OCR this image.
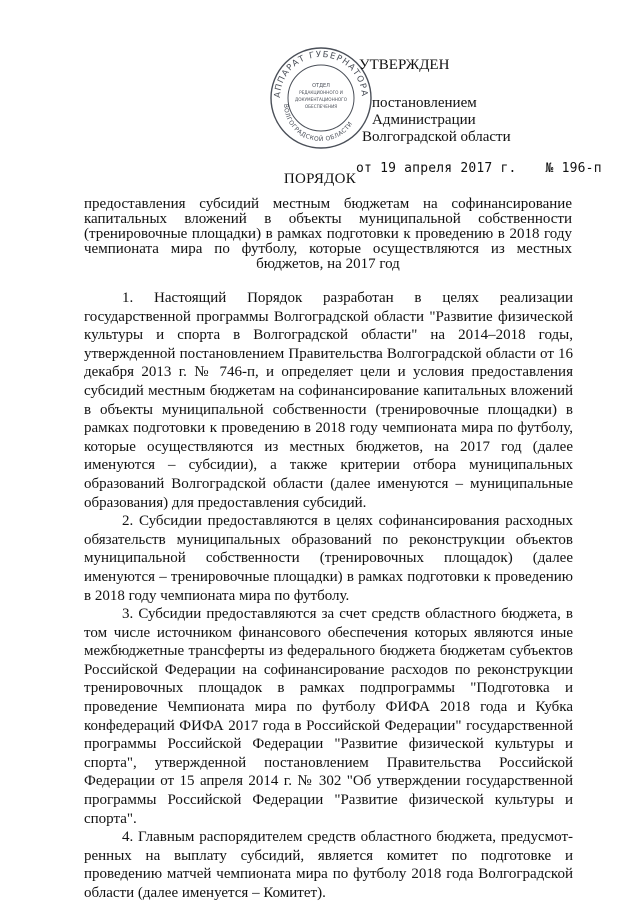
АППАРАТ ГУБЕРНАТОРА
ВОЛГОГРАДСКОЙ ОБЛАСТИ
ОТДЕЛ
РЕДАКЦИОННОГО И
ДОКУМЕНТАЦИОННОГО
ОБЕСПЕЧЕНИЯ
УТВЕРЖДЕН
постановлением
Администрации
Волгоградской области
от 19 апреля 2017 г. № 196-п
ПОРЯДОК
предоставления субсидий местным бюджетам на софинансирование капитальных вложений в объекты муниципальной собственности (тренировочные площадки) в рамках подготовки к проведению в 2018 году чемпионата мира по футболу, которые осуществляются из местных бюджетов, на 2017 год

1. Настоящий Порядок разработан в целях реализации государственной программы Волгоградской области "Развитие физической культуры и спорта в Волгоградской области" на 2014–2018 годы, утвержденной постановлением Правительства Волгоградской области от 16 декабря 2013 г. № 746-п, и определяет цели и условия предоставления субсидий местным бюджетам на софинансирование капитальных вложений в объекты муниципальной собственности (тренировочные площадки) в рамках подготовки к проведению в 2018 году чемпионата мира по футболу, которые осуществляются из местных бюджетов, на 2017 год (далее именуются – субсидии), а также критерии отбора муниципальных образований Волгоградской области (далее именуются – муниципальные образования) для предоставления субсидий.

2. Субсидии предоставляются в целях софинансирования расходных обязательств муниципальных образований по реконструкции объектов муниципальной собственности (тренировочных площадок) (далее именуются – тренировочные площадки) в рамках подготовки к проведению в 2018 году чемпионата мира по футболу.

3. Субсидии предоставляются за счет средств областного бюджета, в том числе источником финансового обеспечения которых являются иные межбюджетные трансферты из федерального бюджета бюджетам субъектов Российской Федерации на софинансирование расходов по реконструкции тренировочных площадок в рамках подпрограммы "Подготовка и проведение Чемпионата мира по футболу ФИФА 2018 года и Кубка конфедераций ФИФА 2017 года в Российской Федерации" государственной программы Российской Федерации "Развитие физической культуры и спорта", утвержденной постановлением Правительства Российской Федерации от 15 апреля 2014 г. № 302 "Об утверждении государственной программы Российской Федерации "Развитие физической культуры и спорта".

4. Главным распорядителем средств областного бюджета, предусмотренных на выплату субсидий, является комитет по подготовке и проведению матчей чемпионата мира по футболу 2018 года Волгоградской области (далее именуется – Комитет).
